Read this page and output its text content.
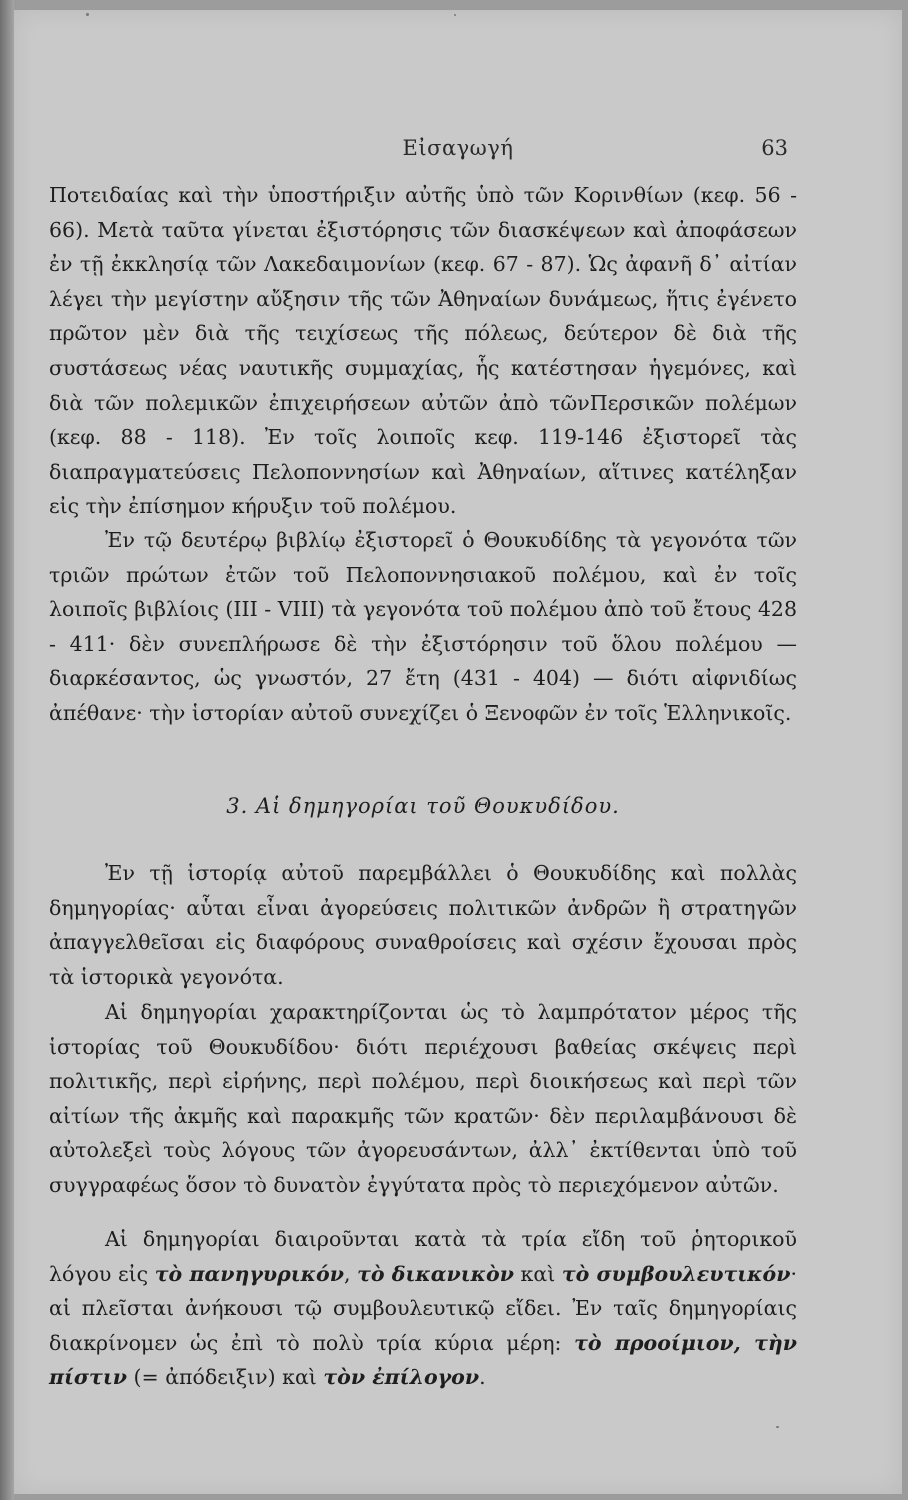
Εἰσαγωγή	63
Ποτειδαίας καὶ τὴν ὑποστήριξιν αὐτῆς ὑπὸ τῶν Κορινθίων (κεφ. 56 - 66). Μετὰ ταῦτα γίνεται ἐξιστόρησις τῶν διασκέψεων καὶ ἀποφάσεων ἐν τῇ ἐκκλησίᾳ τῶν Λακεδαιμονίων (κεφ. 67 - 87). Ὡς ἀφανῆ δ᾽ αἰτίαν λέγει τὴν μεγίστην αὔξησιν τῆς τῶν Ἀθηναίων δυνάμεως, ἥτις ἐγένετο πρῶτον μὲν διὰ τῆς τειχίσεως τῆς πόλεως, δεύτερον δὲ διὰ τῆς συστάσεως νέας ναυτικῆς συμμαχίας, ἧς κατέστησαν ἡγεμόνες, καὶ διὰ τῶν πολεμικῶν ἐπιχειρήσεων αὐτῶν ἀπὸ τῶνΠερσικῶν πολέμων (κεφ. 88 - 118). Ἐν τοῖς λοιποῖς κεφ. 119-146 ἐξιστορεῖ τὰς διαπραγματεύσεις Πελοποννησίων καὶ Ἀθηναίων, αἵτινες κατέληξαν εἰς τὴν ἐπίσημον κήρυξιν τοῦ πολέμου.
Ἐν τῷ δευτέρῳ βιβλίῳ ἐξιστορεῖ ὁ Θουκυδίδης τὰ γεγονότα τῶν τριῶν πρώτων ἐτῶν τοῦ Πελοποννησιακοῦ πολέμου, καὶ ἐν τοῖς λοιποῖς βιβλίοις (III - VIII) τὰ γεγονότα τοῦ πολέμου ἀπὸ τοῦ ἔτους 428 - 411· δὲν συνεπλήρωσε δὲ τὴν ἐξιστόρησιν τοῦ ὅλου πολέμου — διαρκέσαντος, ὡς γνωστόν, 27 ἔτη (431 - 404) — διότι αἰφνιδίως ἀπέθανε· τὴν ἱστορίαν αὐτοῦ συνεχίζει ὁ Ξενοφῶν ἐν τοῖς Ἑλληνικοῖς.
3. Αἱ δημηγορίαι τοῦ Θουκυδίδου.
Ἐν τῇ ἱστορίᾳ αὐτοῦ παρεμβάλλει ὁ Θουκυδίδης καὶ πολλὰς δημηγορίας· αὗται εἶναι ἀγορεύσεις πολιτικῶν ἀνδρῶν ἢ στρατηγῶν ἀπαγγελθεῖσαι εἰς διαφόρους συναθροίσεις καὶ σχέσιν ἔχουσαι πρὸς τὰ ἱστορικὰ γεγονότα.
Αἱ δημηγορίαι χαρακτηρίζονται ὡς τὸ λαμπρότατον μέρος τῆς ἱστορίας τοῦ Θουκυδίδου· διότι περιέχουσι βαθείας σκέψεις περὶ πολιτικῆς, περὶ εἰρήνης, περὶ πολέμου, περὶ διοικήσεως καὶ περὶ τῶν αἰτίων τῆς ἀκμῆς καὶ παρακμῆς τῶν κρατῶν· δὲν περιλαμβάνουσι δὲ αὐτολεξεὶ τοὺς λόγους τῶν ἀγορευσάντων, ἀλλ᾽ ἐκτίθενται ὑπὸ τοῦ συγγραφέως ὅσον τὸ δυνατὸν ἐγγύτατα πρὸς τὸ περιεχόμενον αὐτῶν.
Αἱ δημηγορίαι διαιροῦνται κατὰ τὰ τρία εἴδη τοῦ ῥητορικοῦ λόγου εἰς τὸ πανηγυρικόν, τὸ δικανικὸν καὶ τὸ συμβουλευτικόν· αἱ πλεῖσται ἀνήκουσι τῷ συμβουλευτικῷ εἴδει. Ἐν ταῖς δημηγορίαις διακρίνομεν ὡς ἐπὶ τὸ πολὺ τρία κύρια μέρη: τὸ προοίμιον, τὴν πίστιν (= ἀπόδειξιν) καὶ τὸν ἐπίλογον.
